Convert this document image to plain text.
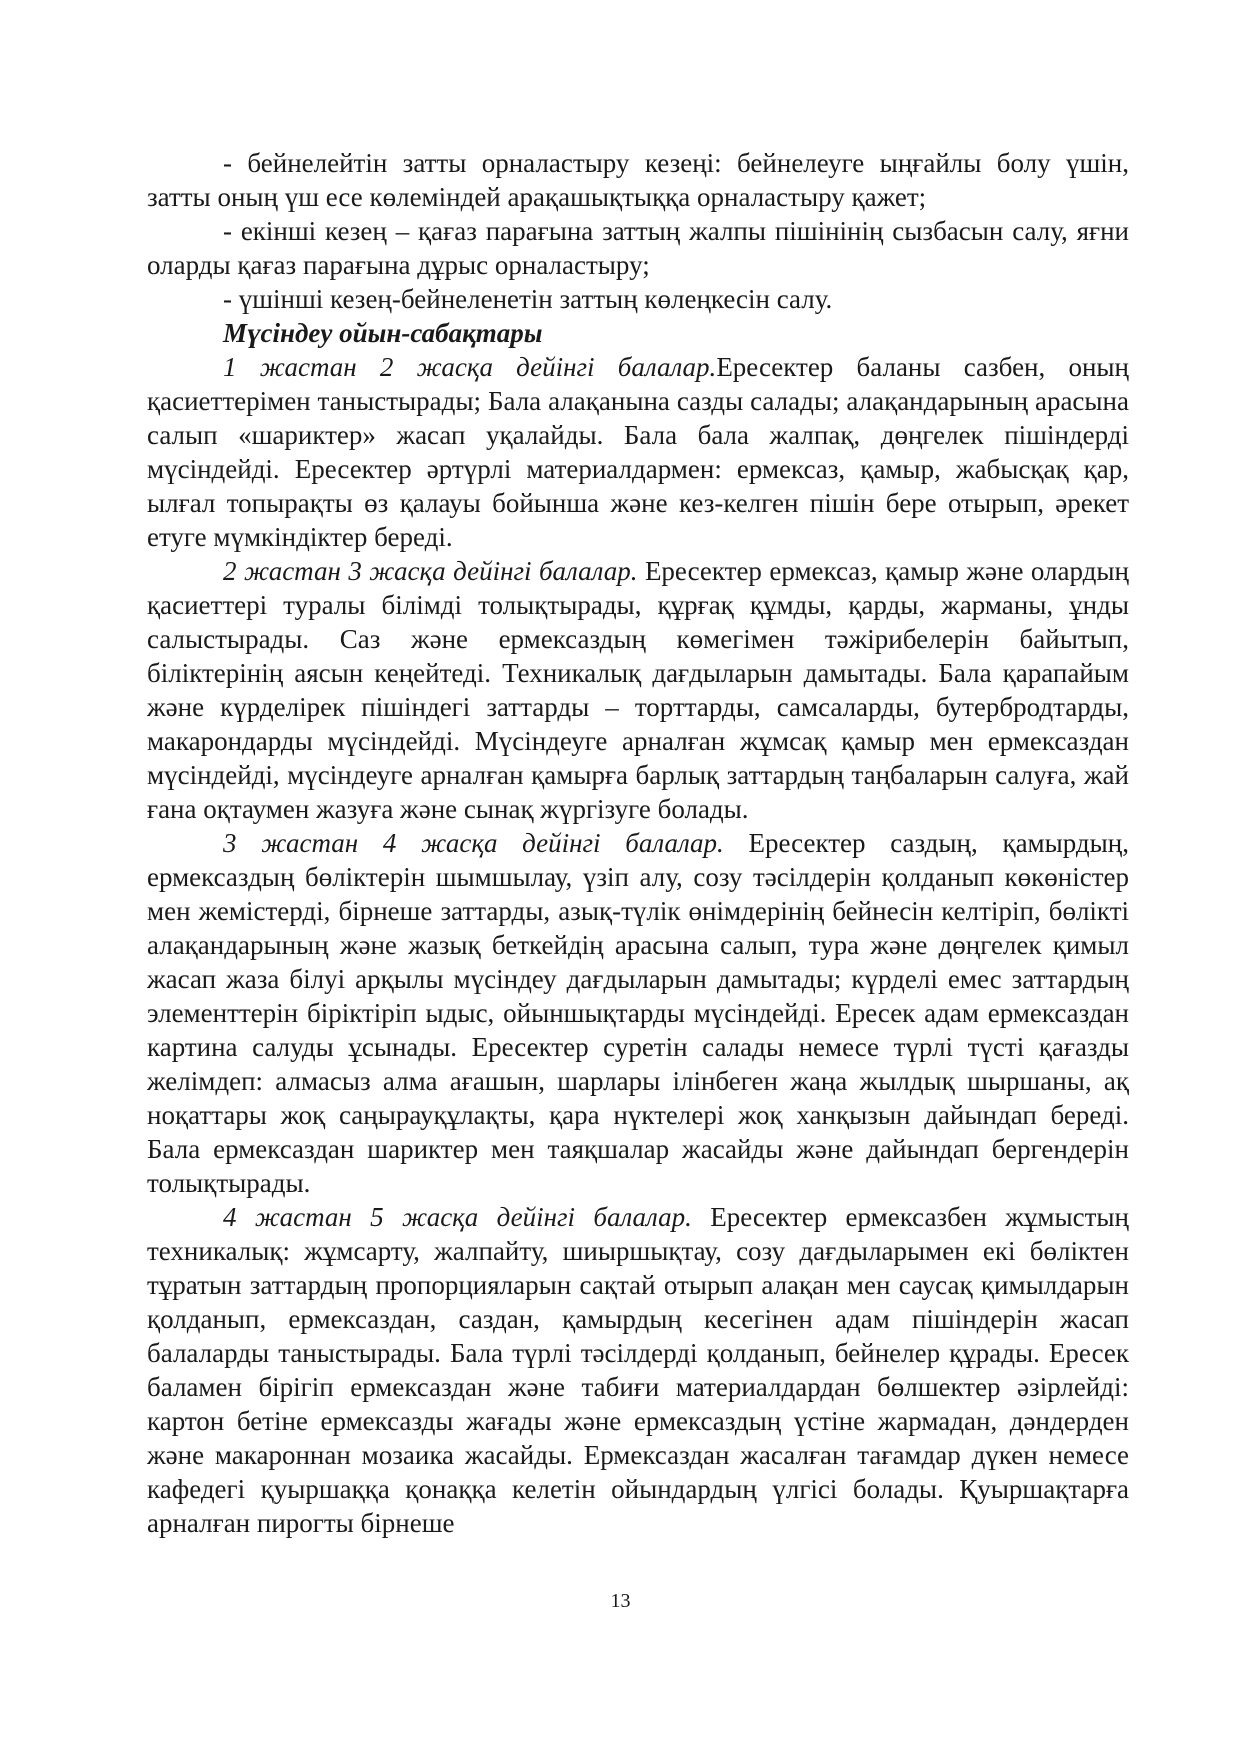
- бейнелейтін затты орналастыру кезеңі: бейнелеуге ыңғайлы болу үшін, затты оның үш есе көлеміндей арақашықтыққа орналастыру қажет;

- екінші кезең – қағаз парағына заттың жалпы пішінінің сызбасын салу, яғни оларды қағаз парағына дұрыс орналастыру;

- үшінші кезең-бейнеленетін заттың көлеңкесін салу.

Мүсіндеу ойын-сабақтары

1 жастан 2 жасқа дейінгі балалар.Ересектер баланы сазбен, оның қасиеттерімен таныстырады; Бала алақанына сазды салады; алақандарының арасына салып «шариктер» жасап уқалайды. Бала бала жалпақ, дөңгелек пішіндерді мүсіндейді. Ересектер әртүрлі материалдармен: ермексаз, қамыр, жабысқақ қар, ылғал топырақты өз қалауы бойынша және кез-келген пішін бере отырып, әрекет етуге мүмкіндіктер береді.

2 жастан 3 жасқа дейінгі балалар. Ересектер ермексаз, қамыр және олардың қасиеттері туралы білімді толықтырады, құрғақ құмды, қарды, жарманы, ұнды салыстырады. Саз және ермексаздың көмегімен тәжірибелерін байытып, біліктерінің аясын кеңейтеді. Техникалық дағдыларын дамытады. Бала қарапайым және күрделірек пішіндегі заттарды – торттарды, самсаларды, бутербродтарды, макарондарды мүсіндейді. Мүсіндеуге арналған жұмсақ қамыр мен ермексаздан мүсіндейді, мүсіндеуге арналған қамырға барлық заттардың таңбаларын салуға, жай ғана оқтаумен жазуға және сынақ жүргізуге болады.

3 жастан 4 жасқа дейінгі балалар. Ересектер саздың, қамырдың, ермексаздың бөліктерін шымшылау, үзіп алу, созу тәсілдерін қолданып көкөністер мен жемістерді, бірнеше заттарды, азық-түлік өнімдерінің бейнесін келтіріп, бөлікті алақандарының және жазық беткейдің арасына салып, тура және дөңгелек қимыл жасап жаза білуі арқылы мүсіндеу дағдыларын дамытады; күрделі емес заттардың элементтерін біріктіріп ыдыс, ойыншықтарды мүсіндейді. Ересек адам ермексаздан картина салуды ұсынады. Ересектер суретін салады немесе түрлі түсті қағазды желімдеп: алмасыз алма ағашын, шарлары ілінбеген жаңа жылдық шыршаны, ақ ноқаттары жоқ саңырауқұлақты, қара нүктелері жоқ ханқызын дайындап береді. Бала ермексаздан шариктер мен таяқшалар жасайды және дайындап бергендерін толықтырады.

4 жастан 5 жасқа дейінгі балалар. Ересектер ермексазбен жұмыстың техникалық: жұмсарту, жалпайту, шиыршықтау, созу дағдыларымен екі бөліктен тұратын заттардың пропорцияларын сақтай отырып алақан мен саусақ қимылдарын қолданып, ермексаздан, саздан, қамырдың кесегінен адам пішіндерін жасап балаларды таныстырады. Бала түрлі тәсілдерді қолданып, бейнелер құрады. Ересек баламен бірігіп ермексаздан және табиғи материалдардан бөлшектер әзірлейді: картон бетіне ермексазды жағады және ермексаздың үстіне жармадан, дәндерден және макароннан мозаика жасайды. Ермексаздан жасалған тағамдар дүкен немесе кафедегі қуыршаққа қонаққа келетін ойындардың үлгісі болады. Қуыршақтарға арналған пирогты бірнеше

13
